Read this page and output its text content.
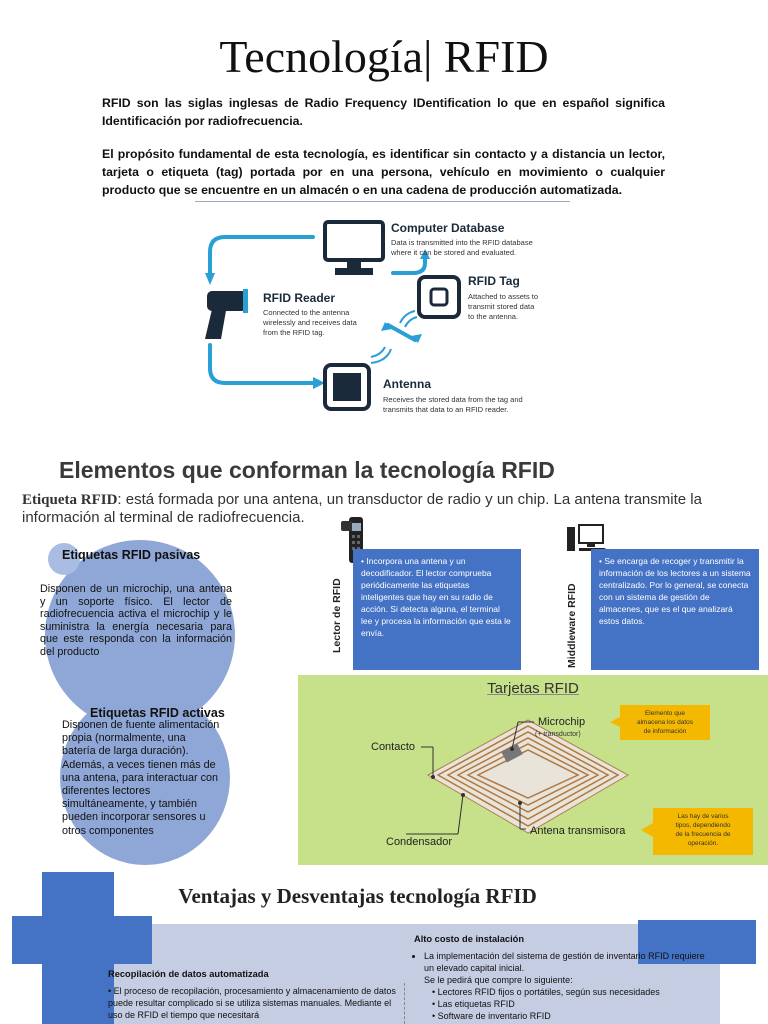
Tecnología| RFID
RFID son las siglas inglesas de Radio Frequency IDentification lo que en español significa Identificación por radiofrecuencia.
El propósito fundamental de esta tecnología, es identificar sin contacto y a distancia un lector, tarjeta o etiqueta (tag) portada por en una persona, vehículo en movimiento o cualquier producto que se encuentre en un almacén o en una cadena de producción automatizada.
Computer Database
Data is transmitted into the RFID database
where it can be stored and evaluated.
RFID Reader
Connected to the antenna
wirelessly and receives data
from the RFID tag.
RFID Tag
Attached to assets to
transmit stored data
to the antenna.
Antenna
Receives the stored data from the tag and
transmits that data to an RFID reader.
Elementos que conforman la tecnología RFID
Etiqueta RFID: está formada por una antena, un transductor de radio y un chip. La antena transmite la información al terminal de radiofrecuencia.
Etiquetas RFID pasivas
Disponen de un microchip, una antena y un soporte físico. El lector de radiofrecuencia activa el microchip y le suministra la energía necesaria para que este responda con la información del producto
Etiquetas RFID activas
Disponen de fuente alimentación propia (normalmente, una batería de larga duración). Además, a veces tienen más de una antena, para interactuar con diferentes lectores simultáneamente, y también pueden incorporar sensores u otros componentes
Lector de RFID
• Incorpora una antena y un decodificador. El lector comprueba periódicamente las etiquetas inteligentes que hay en su radio de acción. Si detecta alguna, el terminal lee y procesa la información que esta le envía.	Middleware RFID
• Se encarga de recoger y transmitir la información de los lectores a un sistema centralizado. Por lo general, se conecta con un sistema de gestión de almacenes, que es el que analizará estos datos.
Tarjetas RFID
Microchip
(+ transductor)
Contacto
Condensador
Antena transmisora
Elemento que
almacena los datos
de información
Las hay de varios
tipos, dependiendo
de la frecuencia de
operación.
Ventajas y Desventajas tecnología RFID
Alto costo de instalación
• La implementación del sistema de gestión de inventario RFID requiere un elevado capital inicial.
Se le pedirá que compre lo siguiente:
• Lectores RFID fijos o portátiles, según sus necesidades
• Las etiquetas RFID
• Software de inventario RFID
Recopilación de datos automatizada
• El proceso de recopilación, procesamiento y almacenamiento de datos puede resultar complicado si se utiliza sistemas manuales. Mediante el uso de RFID el tiempo que necesitará
